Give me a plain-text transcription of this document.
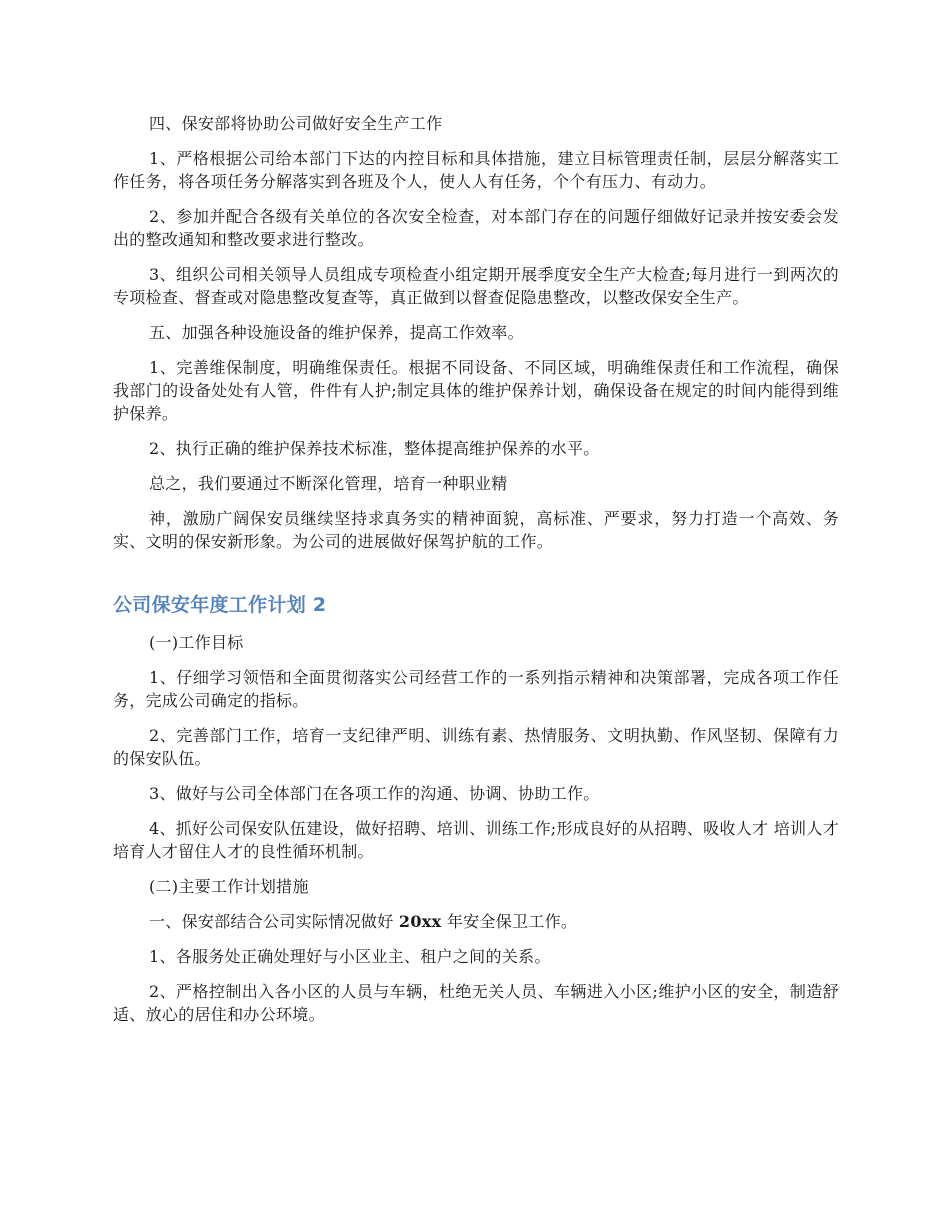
四、保安部将协助公司做好安全生产工作

1、严格根据公司给本部门下达的内控目标和具体措施，建立目标管理责任制，层层分解落实工作任务，将各项任务分解落实到各班及个人，使人人有任务，个个有压力、有动力。

2、参加并配合各级有关单位的各次安全检查，对本部门存在的问题仔细做好记录并按安委会发出的整改通知和整改要求进行整改。

3、组织公司相关领导人员组成专项检查小组定期开展季度安全生产大检查;每月进行一到两次的专项检查、督查或对隐患整改复查等，真正做到以督查促隐患整改，以整改保安全生产。

五、加强各种设施设备的维护保养，提高工作效率。

1、完善维保制度，明确维保责任。根据不同设备、不同区域，明确维保责任和工作流程，确保我部门的设备处处有人管，件件有人护;制定具体的维护保养计划，确保设备在规定的时间内能得到维护保养。

2、执行正确的维护保养技术标准，整体提高维护保养的水平。

总之，我们要通过不断深化管理，培育一种职业精

神，激励广阔保安员继续坚持求真务实的精神面貌，高标准、严要求，努力打造一个高效、务实、文明的保安新形象。为公司的进展做好保驾护航的工作。

公司保安年度工作计划 2

(一)工作目标

1、仔细学习领悟和全面贯彻落实公司经营工作的一系列指示精神和决策部署，完成各项工作任务，完成公司确定的指标。

2、完善部门工作，培育一支纪律严明、训练有素、热情服务、文明执勤、作风坚韧、保障有力的保安队伍。

3、做好与公司全体部门在各项工作的沟通、协调、协助工作。

4、抓好公司保安队伍建设，做好招聘、培训、训练工作;形成良好的从招聘、吸收人才 培训人才培育人才留住人才的良性循环机制。

(二)主要工作计划措施

一、保安部结合公司实际情况做好 20xx 年安全保卫工作。

1、各服务处正确处理好与小区业主、租户之间的关系。

2、严格控制出入各小区的人员与车辆，杜绝无关人员、车辆进入小区;维护小区的安全，制造舒适、放心的居住和办公环境。
